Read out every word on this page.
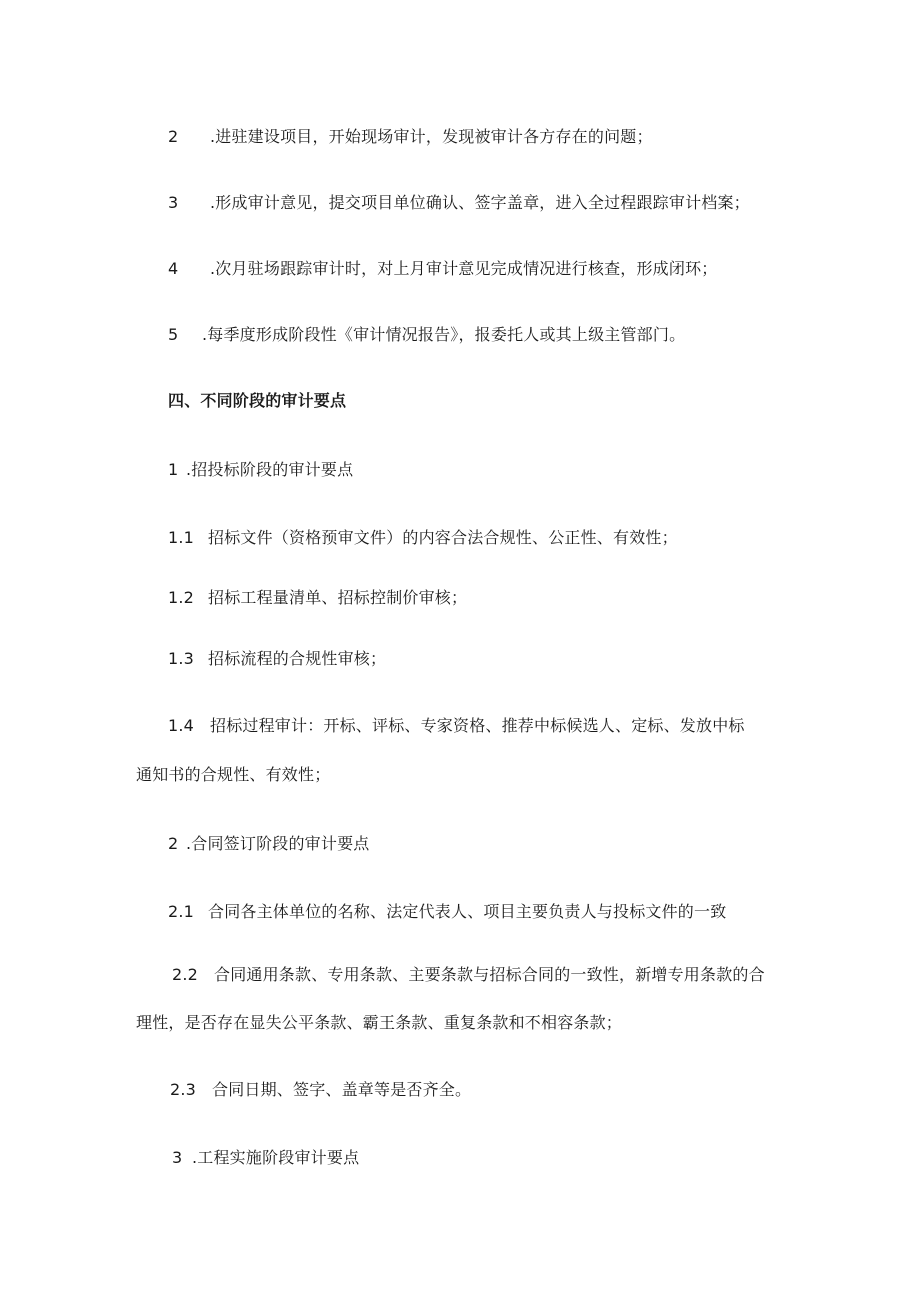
2 .进驻建设项目，开始现场审计，发现被审计各方存在的问题；
3 .形成审计意见，提交项目单位确认、签字盖章，进入全过程跟踪审计档案；
4 .次月驻场跟踪审计时，对上月审计意见完成情况进行核查，形成闭环；
5 .每季度形成阶段性《审计情况报告》，报委托人或其上级主管部门。
四、不同阶段的审计要点
1 .招投标阶段的审计要点
1.1 招标文件（资格预审文件）的内容合法合规性、公正性、有效性；
1.2 招标工程量清单、招标控制价审核；
1.3 招标流程的合规性审核；
1.4 招标过程审计：开标、评标、专家资格、推荐中标候选人、定标、发放中标
通知书的合规性、有效性；
2 .合同签订阶段的审计要点
2.1 合同各主体单位的名称、法定代表人、项目主要负责人与投标文件的一致
2.2 合同通用条款、专用条款、主要条款与招标合同的一致性，新增专用条款的合
理性，是否存在显失公平条款、霸王条款、重复条款和不相容条款；
2.3 合同日期、签字、盖章等是否齐全。
3 .工程实施阶段审计要点
